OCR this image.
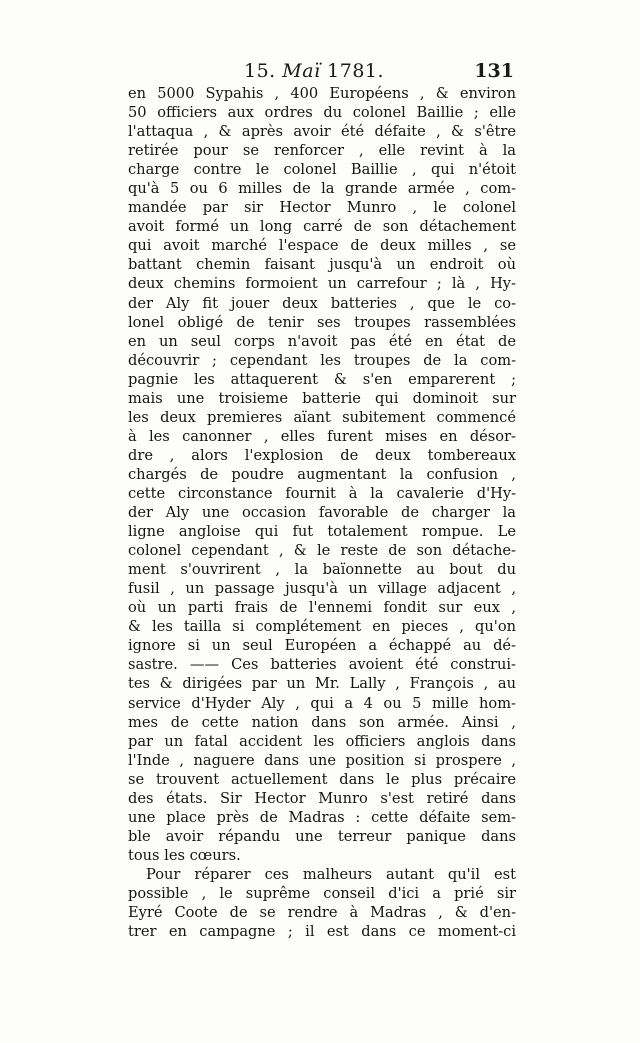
15. Maï 1781.	131
en 5000 Sypahis , 400 Européens , & environ
50 officiers aux ordres du colonel Baillie ; elle
l'attaqua , & après avoir été défaite , & s'être
retirée pour se renforcer , elle revint à la
charge contre le colonel Baillie , qui n'étoit
qu'à 5 ou 6 milles de la grande armée , com-
mandée par sir Hector Munro , le colonel
avoit formé un long carré de son détachement
qui avoit marché l'espace de deux milles , se
battant chemin faisant jusqu'à un endroit où
deux chemins formoient un carrefour ; là , Hy-
der Aly fit jouer deux batteries , que le co-
lonel obligé de tenir ses troupes rassemblées
en un seul corps n'avoit pas été en état de
découvrir ; cependant les troupes de la com-
pagnie les attaquerent & s'en emparerent ;
mais une troisieme batterie qui dominoit sur
les deux premieres aïant subitement commencé
à les canonner , elles furent mises en désor-
dre , alors l'explosion de deux tombereaux
chargés de poudre augmentant la confusion ,
cette circonstance fournit à la cavalerie d'Hy-
der Aly une occasion favorable de charger la
ligne angloise qui fut totalement rompue. Le
colonel cependant , & le reste de son détache-
ment s'ouvrirent , la baïonnette au bout du
fusil , un passage jusqu'à un village adjacent ,
où un parti frais de l'ennemi fondit sur eux ,
& les tailla si complétement en pieces , qu'on
ignore si un seul Européen a échappé au dé-
sastre. —— Ces batteries avoient été construi-
tes & dirigées par un Mr. Lally , François , au
service d'Hyder Aly , qui a 4 ou 5 mille hom-
mes de cette nation dans son armée. Ainsi ,
par un fatal accident les officiers anglois dans
l'Inde , naguere dans une position si prospere ,
se trouvent actuellement dans le plus précaire
des états. Sir Hector Munro s'est retiré dans
une place près de Madras : cette défaite sem-
ble avoir répandu une terreur panique dans
tous les cœurs.
Pour réparer ces malheurs autant qu'il est
possible , le suprême conseil d'ici a prié sir
Eyré Coote de se rendre à Madras , & d'en-
trer en campagne ; il est dans ce moment-ci
